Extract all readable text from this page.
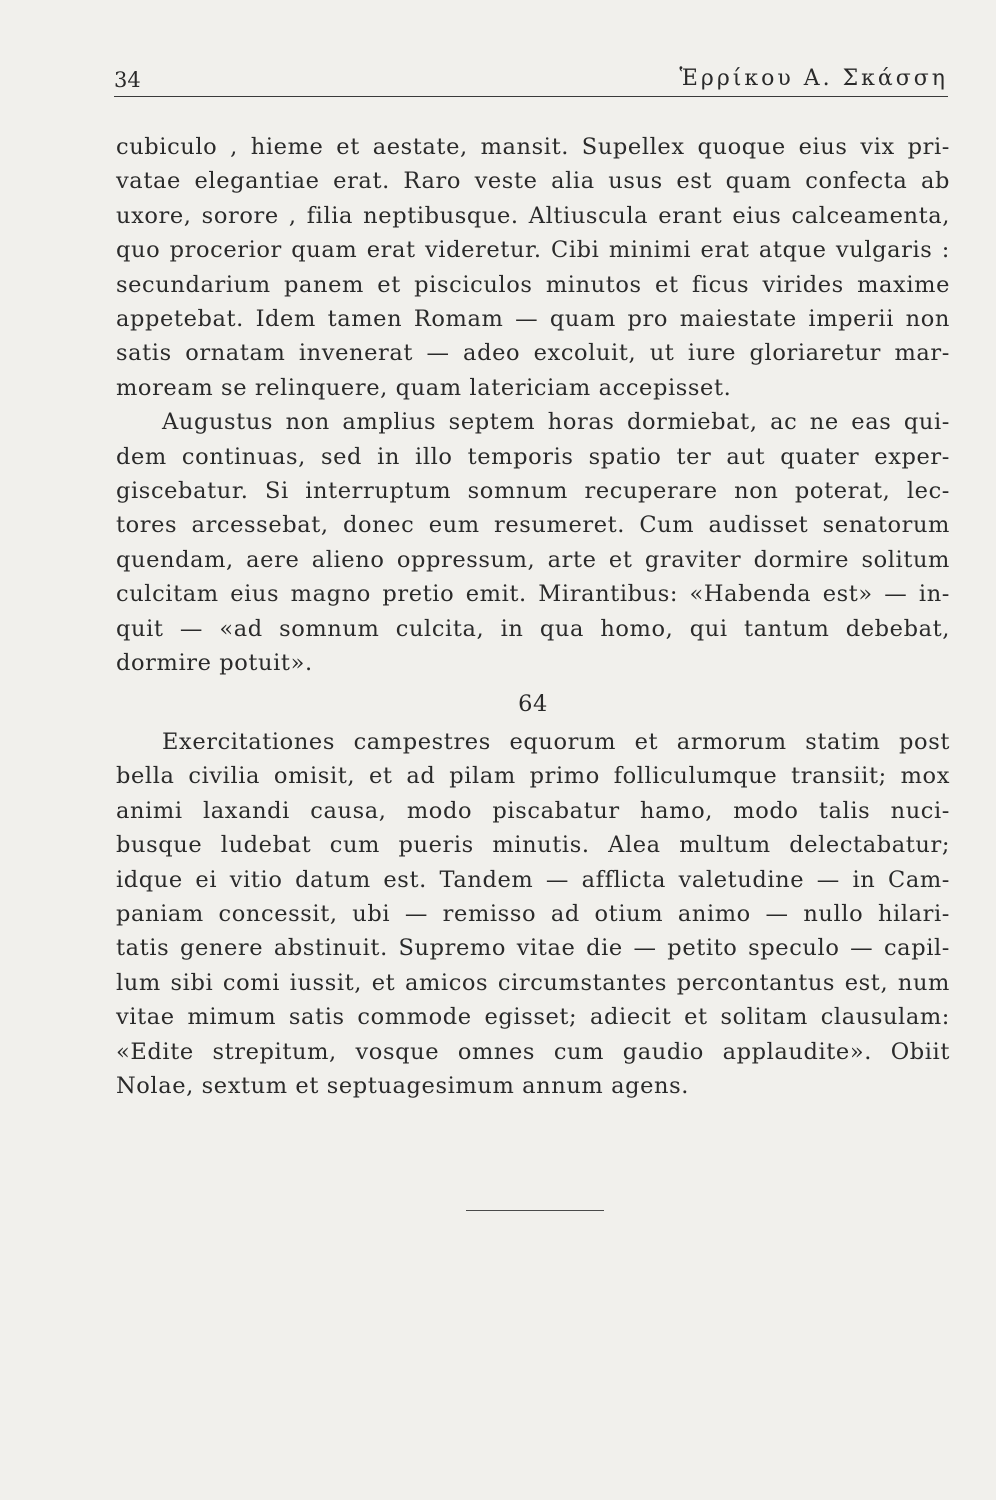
34	Ἑρρίκου Α. Σκάσση
cubiculo , hieme et aestate, mansit. Supellex quoque eius vix pri-
vatae elegantiae erat. Raro veste alia usus est quam confecta ab
uxore, sorore , filia neptibusque. Altiuscula erant eius calceamenta,
quo procerior quam erat videretur. Cibi minimi erat atque vulgaris :
secundarium panem et pisciculos minutos et ficus virides maxime
appetebat. Idem tamen Romam — quam pro maiestate imperii non
satis ornatam invenerat — adeo excoluit, ut iure gloriaretur mar-
moream se relinquere, quam latericiam accepisset.
Augustus non amplius septem horas dormiebat, ac ne eas qui-
dem continuas, sed in illo temporis spatio ter aut quater exper-
giscebatur. Si interruptum somnum recuperare non poterat, lec-
tores arcessebat, donec eum resumeret. Cum audisset senatorum
quendam, aere alieno oppressum, arte et graviter dormire solitum
culcitam eius magno pretio emit. Mirantibus: «Habenda est» — in-
quit — «ad somnum culcita, in qua homo, qui tantum debebat,
dormire potuit».
64
Exercitationes campestres equorum et armorum statim post
bella civilia omisit, et ad pilam primo folliculumque transiit; mox
animi laxandi causa, modo piscabatur hamo, modo talis nuci-
busque ludebat cum pueris minutis. Alea multum delectabatur;
idque ei vitio datum est. Tandem — afflicta valetudine — in Cam-
paniam concessit, ubi — remisso ad otium animo — nullo hilari-
tatis genere abstinuit. Supremo vitae die — petito speculo — capil-
lum sibi comi iussit, et amicos circumstantes percontantus est, num
vitae mimum satis commode egisset; adiecit et solitam clausulam:
«Edite strepitum, vosque omnes cum gaudio applaudite». Obiit
Nolae, sextum et septuagesimum annum agens.
